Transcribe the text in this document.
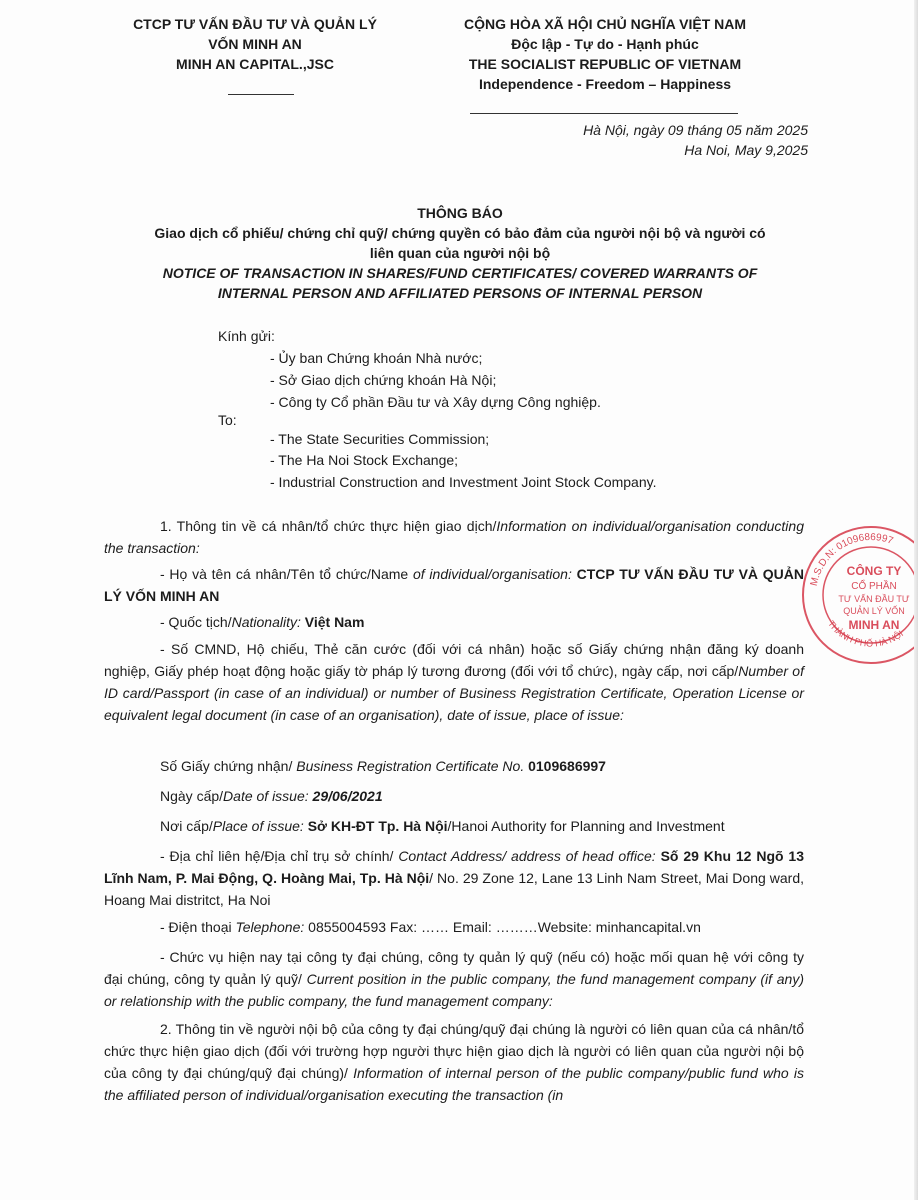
CTCP TƯ VẤN ĐẦU TƯ VÀ QUẢN LÝ
VỐN MINH AN
MINH AN CAPITAL.,JSC
CỘNG HÒA XÃ HỘI CHỦ NGHĨA VIỆT NAM
Độc lập - Tự do - Hạnh phúc
THE SOCIALIST REPUBLIC OF VIETNAM
Independence - Freedom – Happiness
Hà Nội, ngày 09 tháng 05 năm 2025
Ha Noi, May 9,2025
THÔNG BÁO
Giao dịch cổ phiếu/ chứng chỉ quỹ/ chứng quyền có bảo đảm của người nội bộ và người có
liên quan của người nội bộ
NOTICE OF TRANSACTION IN SHARES/FUND CERTIFICATES/ COVERED WARRANTS OF
INTERNAL PERSON AND AFFILIATED PERSONS OF INTERNAL PERSON
Kính gửi:
- Ủy ban Chứng khoán Nhà nước;
- Sở Giao dịch chứng khoán Hà Nội;
- Công ty Cổ phần Đầu tư và Xây dựng Công nghiệp.
To:
- The State Securities Commission;
- The Ha Noi Stock Exchange;
- Industrial Construction and Investment Joint Stock Company.
1. Thông tin về cá nhân/tổ chức thực hiện giao dịch/Information on individual/organisation conducting the transaction:
- Họ và tên cá nhân/Tên tổ chức/Name of individual/organisation: CTCP TƯ VẤN ĐẦU TƯ VÀ QUẢN LÝ VỐN MINH AN
- Quốc tịch/Nationality: Việt Nam
- Số CMND, Hộ chiếu, Thẻ căn cước (đối với cá nhân) hoặc số Giấy chứng nhận đăng ký doanh nghiệp, Giấy phép hoạt động hoặc giấy tờ pháp lý tương đương (đối với tổ chức), ngày cấp, nơi cấp/Number of ID card/Passport (in case of an individual) or number of Business Registration Certificate, Operation License or equivalent legal document (in case of an organisation), date of issue, place of issue:
Số Giấy chứng nhận/ Business Registration Certificate No. 0109686997
Ngày cấp/Date of issue: 29/06/2021
Nơi cấp/Place of issue: Sở KH-ĐT Tp. Hà Nội/Hanoi Authority for Planning and Investment
- Địa chỉ liên hệ/Địa chỉ trụ sở chính/ Contact Address/ address of head office: Số 29 Khu 12 Ngõ 13 Lĩnh Nam, P. Mai Động, Q. Hoàng Mai, Tp. Hà Nội/ No. 29 Zone 12, Lane 13 Linh Nam Street, Mai Dong ward, Hoang Mai distritct, Ha Noi
- Điện thoại Telephone: 0855004593 Fax: …… Email: ………Website: minhancapital.vn
- Chức vụ hiện nay tại công ty đại chúng, công ty quản lý quỹ (nếu có) hoặc mối quan hệ với công ty đại chúng, công ty quản lý quỹ/ Current position in the public company, the fund management company (if any) or relationship with the public company, the fund management company:
2. Thông tin về người nội bộ của công ty đại chúng/quỹ đại chúng là người có liên quan của cá nhân/tổ chức thực hiện giao dịch (đối với trường hợp người thực hiện giao dịch là người có liên quan của người nội bộ của công ty đại chúng/quỹ đại chúng)/ Information of internal person of the public company/public fund who is the affiliated person of individual/organisation executing the transaction (in
M.S.D.N: 0109686997
THÀNH PHỐ HÀ NỘI
CÔNG TY
CỔ PHẦN
TƯ VẤN ĐẦU TƯ
QUẢN LÝ VỐN
MINH AN
